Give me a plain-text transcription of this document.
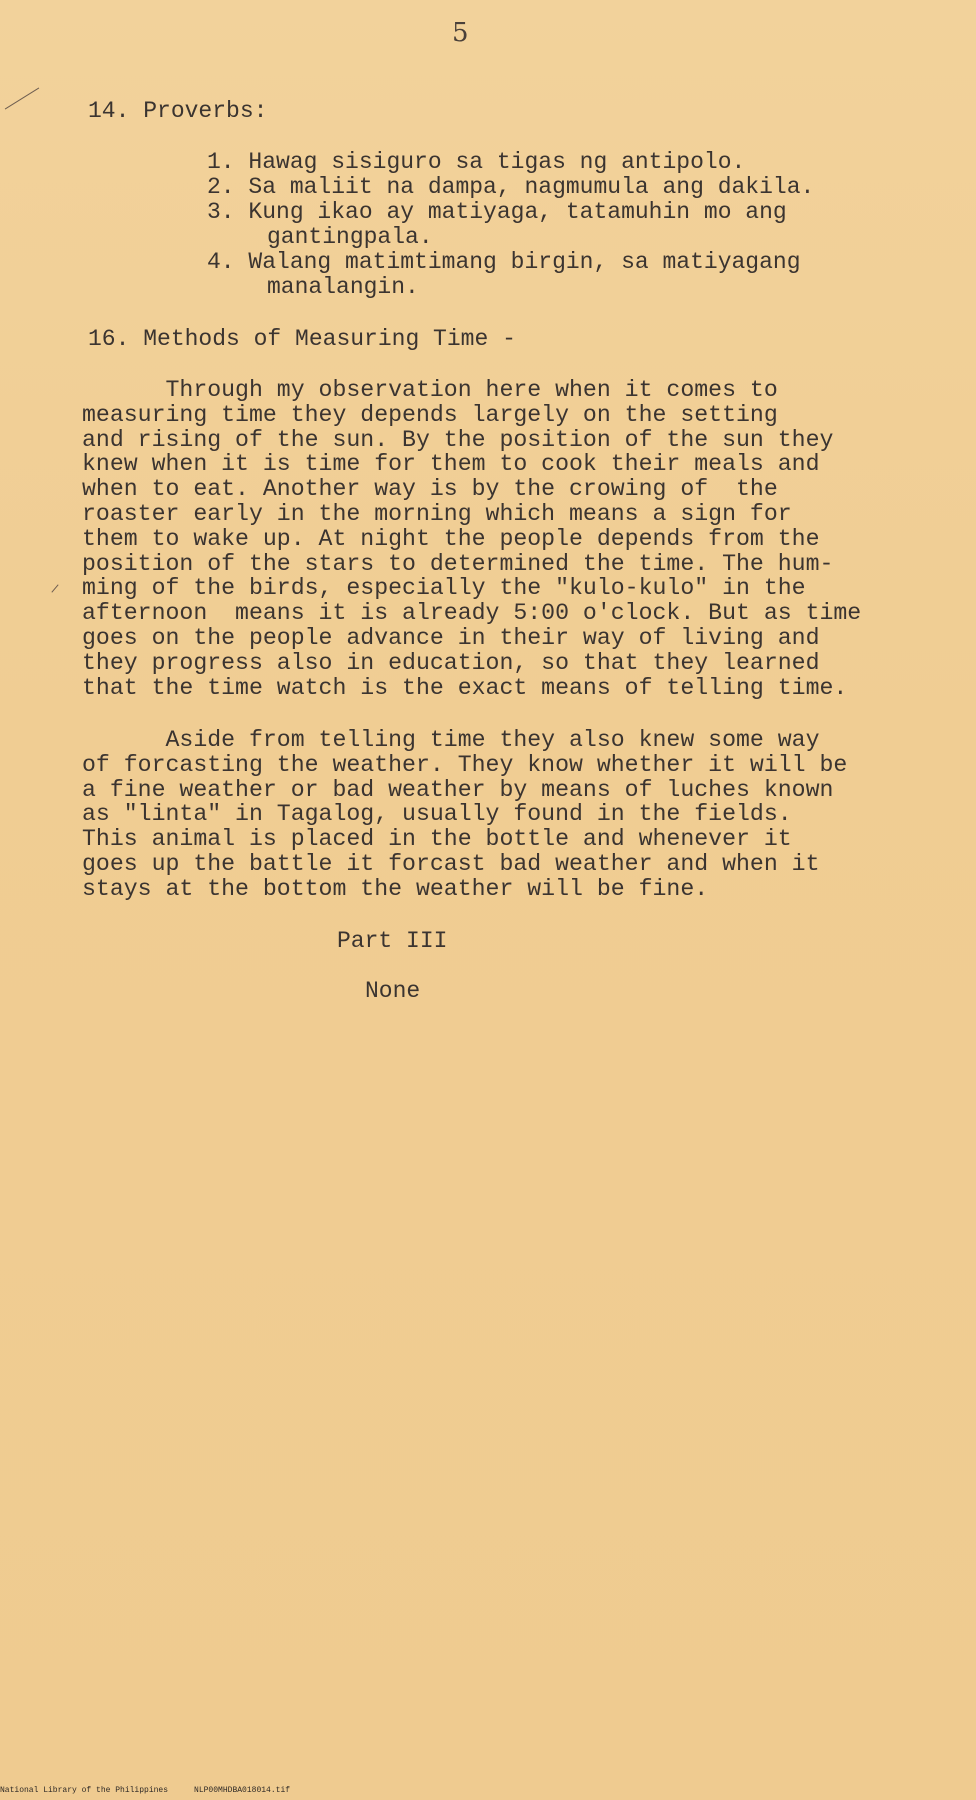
5
14. Proverbs:
1. Hawag sisiguro sa tigas ng antipolo.
2. Sa maliit na dampa, nagmumula ang dakila.
3. Kung ikao ay matiyaga, tatamuhin mo ang
gantingpala.
4. Walang matimtimang birgin, sa matiyagang
manalangin.
16. Methods of Measuring Time -
Through my observation here when it comes to
measuring time they depends largely on the setting
and rising of the sun. By the position of the sun they
knew when it is time for them to cook their meals and
when to eat. Another way is by the crowing of  the
roaster early in the morning which means a sign for
them to wake up. At night the people depends from the
position of the stars to determined the time. The hum-
ming of the birds, especially the "kulo-kulo" in the
afternoon  means it is already 5:00 o'clock. But as time
goes on the people advance in their way of living and
they progress also in education, so that they learned
that the time watch is the exact means of telling time.
Aside from telling time they also knew some way
of forcasting the weather. They know whether it will be
a fine weather or bad weather by means of luches known
as "linta" in Tagalog, usually found in the fields.
This animal is placed in the bottle and whenever it
goes up the battle it forcast bad weather and when it
stays at the bottom the weather will be fine.
Part III
None
National Library of the Philippines	NLP00MHDBA018014.tif
